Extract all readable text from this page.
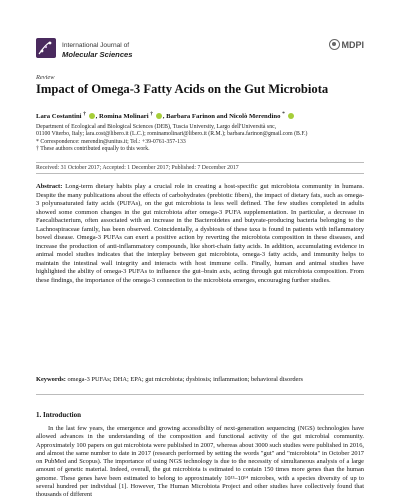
International Journal of
Molecular Sciences
MDPI
Review
Impact of Omega-3 Fatty Acids on the Gut Microbiota
Lara Costantini † , Romina Molinari † , Barbara Farinon and Nicolò Merendino *
Department of Ecological and Biological Sciences (DEB), Tuscia University, Largo dell'Università snc,
01100 Viterbo, Italy; lara.cost@libero.it (L.C.); rominamolinari@libero.it (R.M.); barbara.farinon@gmail.com (B.F.)
* Correspondence: merendin@unitus.it; Tel.: +39-0761-357-133
† These authors contributed equally to this work.
Received: 31 October 2017; Accepted: 1 December 2017; Published: 7 December 2017
Abstract: Long-term dietary habits play a crucial role in creating a host-specific gut microbiota community in humans. Despite the many publications about the effects of carbohydrates (prebiotic fibers), the impact of dietary fats, such as omega-3 polyunsaturated fatty acids (PUFAs), on the gut microbiota is less well defined. The few studies completed in adults showed some common changes in the gut microbiota after omega-3 PUFA supplementation. In particular, a decrease in Faecalibacterium, often associated with an increase in the Bacteroidetes and butyrate-producing bacteria belonging to the Lachnospiraceae family, has been observed. Coincidentally, a dysbiosis of these taxa is found in patients with inflammatory bowel disease. Omega-3 PUFAs can exert a positive action by reverting the microbiota composition in these diseases, and increase the production of anti-inflammatory compounds, like short-chain fatty acids. In addition, accumulating evidence in animal model studies indicates that the interplay between gut microbiota, omega-3 fatty acids, and immunity helps to maintain the intestinal wall integrity and interacts with host immune cells. Finally, human and animal studies have highlighted the ability of omega-3 PUFAs to influence the gut–brain axis, acting through gut microbiota composition. From these findings, the importance of the omega-3 connection to the microbiota emerges, encouraging further studies.
Keywords: omega-3 PUFAs; DHA; EPA; gut microbiota; dysbiosis; inflammation; behavioral disorders
1. Introduction
In the last few years, the emergence and growing accessibility of next-generation sequencing (NGS) technologies have allowed advances in the understanding of the composition and functional activity of the gut microbial community. Approximately 100 papers on gut microbiota were published in 2007, whereas about 3000 such studies were published in 2016, and almost the same number to date in 2017 (research performed by setting the words "gut" and "microbiota" in October 2017 on PubMed and Scopus). The importance of using NGS technology is due to the necessity of simultaneous analysis of a large amount of genetic material. Indeed, overall, the gut microbiota is estimated to contain 150 times more genes than the human genome. These genes have been estimated to belong to approximately 10¹³–10¹⁴ microbes, with a species diversity of up to several hundred per individual [1]. However, The Human Microbiota Project and other studies have collectively found that thousands of different
